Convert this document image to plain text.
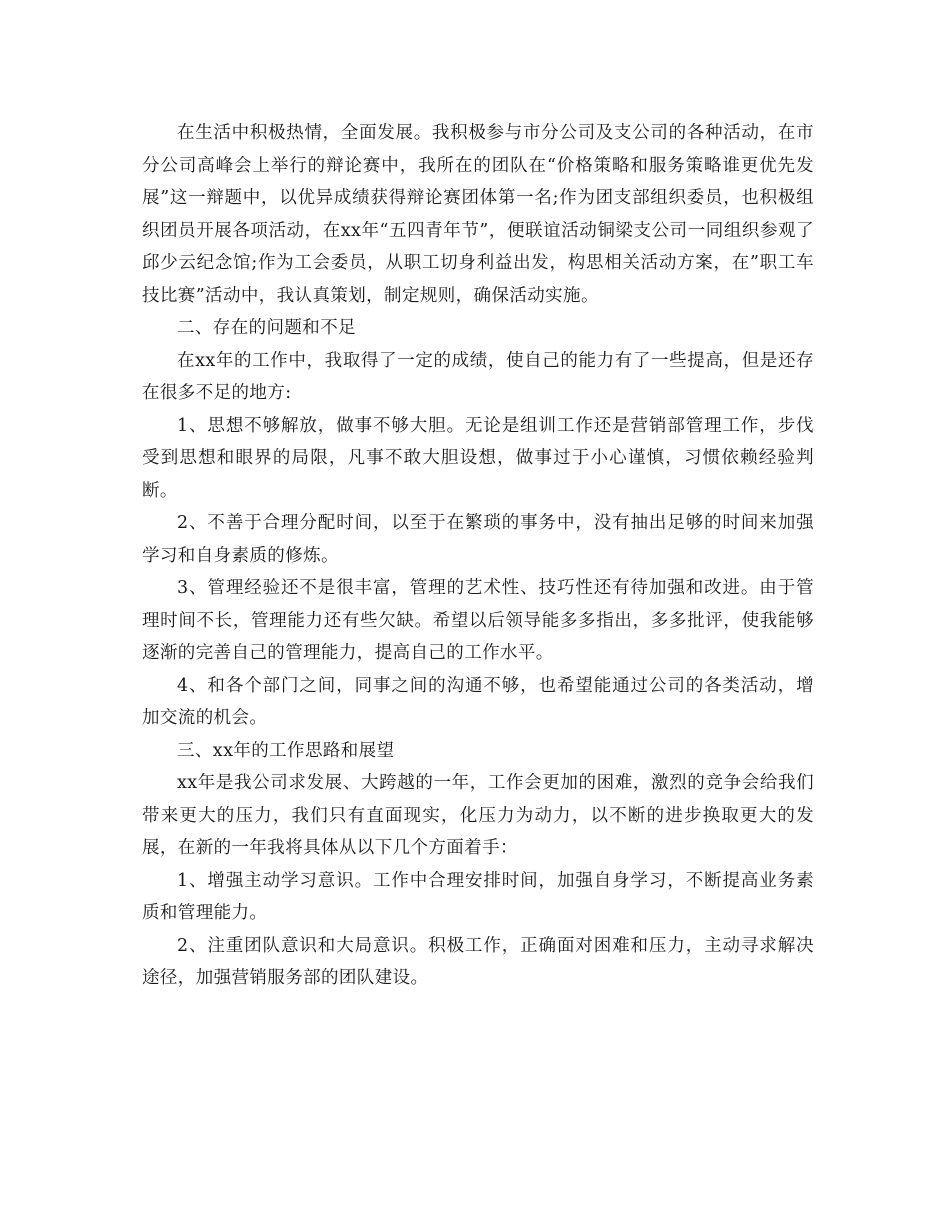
在生活中积极热情，全面发展。我积极参与市分公司及支公司的各种活动，在市分公司高峰会上举行的辩论赛中，我所在的团队在“价格策略和服务策略谁更优先发展”这一辩题中，以优异成绩获得辩论赛团体第一名;作为团支部组织委员，也积极组织团员开展各项活动，在xx年“五四青年节”，便联谊活动铜梁支公司一同组织参观了邱少云纪念馆;作为工会委员，从职工切身利益出发，构思相关活动方案，在”职工车技比赛”活动中，我认真策划，制定规则，确保活动实施。

二、存在的问题和不足

在xx年的工作中，我取得了一定的成绩，使自己的能力有了一些提高，但是还存在很多不足的地方:

1、思想不够解放，做事不够大胆。无论是组训工作还是营销部管理工作，步伐受到思想和眼界的局限，凡事不敢大胆设想，做事过于小心谨慎，习惯依赖经验判断。

2、不善于合理分配时间，以至于在繁琐的事务中，没有抽出足够的时间来加强学习和自身素质的修炼。

3、管理经验还不是很丰富，管理的艺术性、技巧性还有待加强和改进。由于管理时间不长，管理能力还有些欠缺。希望以后领导能多多指出，多多批评，使我能够逐渐的完善自己的管理能力，提高自己的工作水平。

4、和各个部门之间，同事之间的沟通不够，也希望能通过公司的各类活动，增加交流的机会。

三、xx年的工作思路和展望

xx年是我公司求发展、大跨越的一年，工作会更加的困难，激烈的竞争会给我们带来更大的压力，我们只有直面现实，化压力为动力，以不断的进步换取更大的发展，在新的一年我将具体从以下几个方面着手：

1、增强主动学习意识。工作中合理安排时间，加强自身学习，不断提高业务素质和管理能力。

2、注重团队意识和大局意识。积极工作，正确面对困难和压力，主动寻求解决途径，加强营销服务部的团队建设。
